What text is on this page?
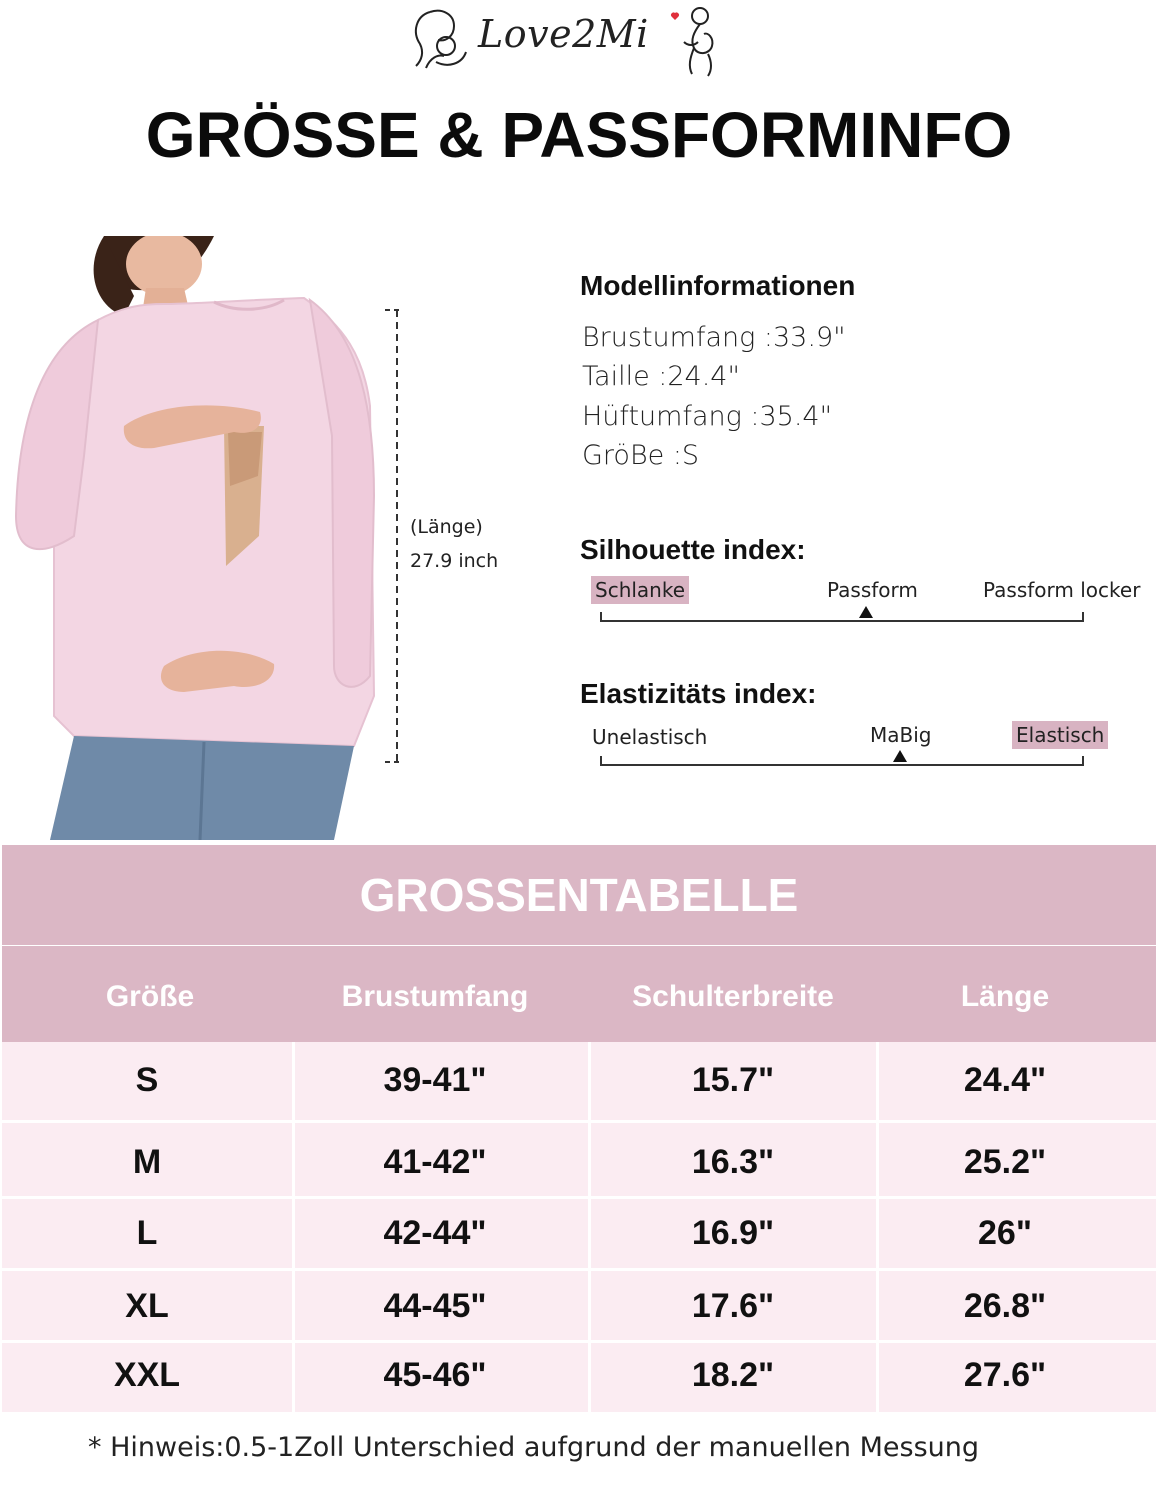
Love2Mi
GRÖSSE & PASSFORMINFO
(Länge)
27.9 inch
Modellinformationen
Brustumfang :33.9"
Taille :24.4"
Hüftumfang :35.4"
GröBe :S
Silhouette index:
Schlanke	Passform	Passform locker
Elastizitäts index:
Unelastisch	MaBig	Elastisch
GROSSENTABELLE
Größe	Brustumfang	Schulterbreite	Länge
S	39-41"	15.7"	24.4"
M	41-42"	16.3"	25.2"
L	42-44"	16.9"	26"
XL	44-45"	17.6"	26.8"
XXL	45-46"	18.2"	27.6"
* Hinweis:0.5-1Zoll Unterschied aufgrund der manuellen Messung
